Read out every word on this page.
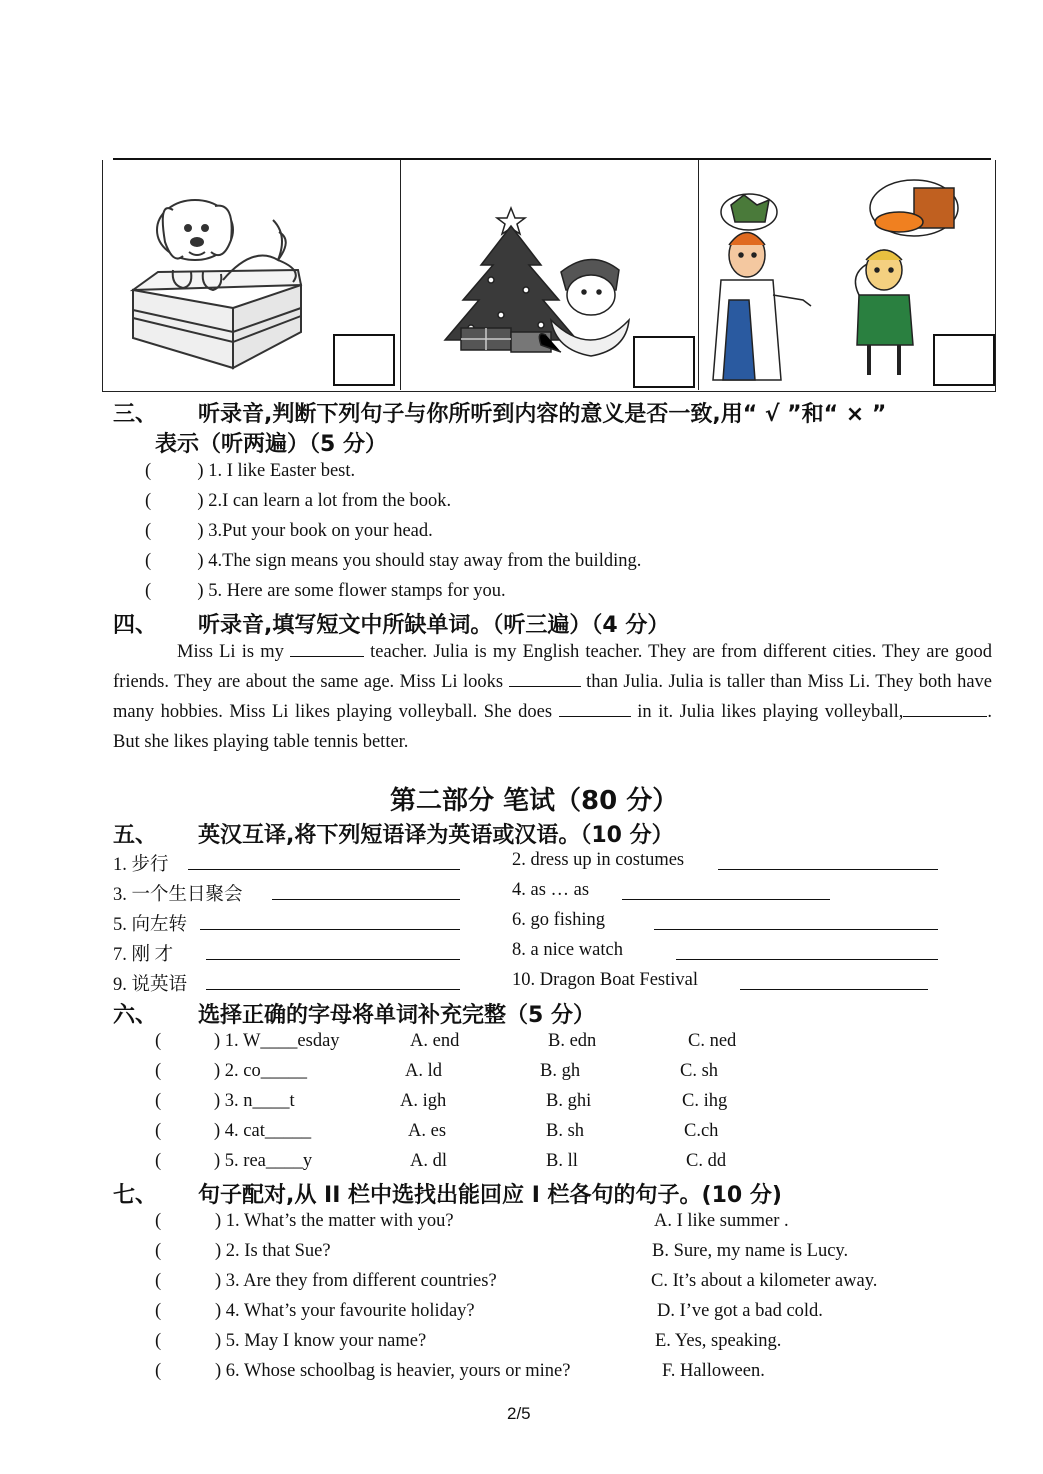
三、 听录音,判断下列句子与你所听到内容的意义是否一致,用“ √ ”和“ × ”
表示（听两遍）（5 分）
(          ) 1. I like Easter best.
(          ) 2.I can learn a lot from the book.
(          ) 3.Put your book on your head.
(          ) 4.The sign means you should stay away from the building.
(          ) 5. Here are some flower stamps for you.
四、 听录音,填写短文中所缺单词。（听三遍）（4 分）

Miss Li is my	teacher. Julia is my English teacher. They are from different cities. They are good friends. They are about the same age. Miss Li looks	than Julia. Julia is taller than Miss Li. They both have many hobbies. Miss Li likes playing volleyball. She does	in it. Julia likes playing volleyball,	. But she likes playing table tennis better.

第二部分 笔试（80 分）
五、 英汉互译,将下列短语译为英语或汉语。（10 分）
1. 步行	2. dress up in costumes
3. 一个生日聚会	4. as … as
5. 向左转	6. go fishing
7. 刚 才	8. a nice watch
9. 说英语	10. Dragon Boat Festival
六、 选择正确的字母将单词补充完整（5 分）
(	) 1. W____esday	A. end	B. edn	C. ned
(	) 2. co_____	A. ld	B. gh	C. sh
(	) 3. n____t	A. igh	B. ghi	C. ihg
(	) 4. cat_____	A. es	B. sh	C.ch
(	) 5. rea____y	A. dl	B. ll	C. dd
七、 句子配对,从 II 栏中选找出能回应 I 栏各句的句子。(10 分)
(	) 1. What’s the matter with you?	A. I like summer .
(	) 2. Is that Sue?	B. Sure, my name is Lucy.
(	) 3. Are they from different countries?	C. It’s about a kilometer away.
(	) 4. What’s your favourite holiday?	D. I’ve got a bad cold.
(	) 5. May I know your name?	E. Yes, speaking.
(	) 6. Whose schoolbag is heavier, yours or mine?	F. Halloween.
2/5
